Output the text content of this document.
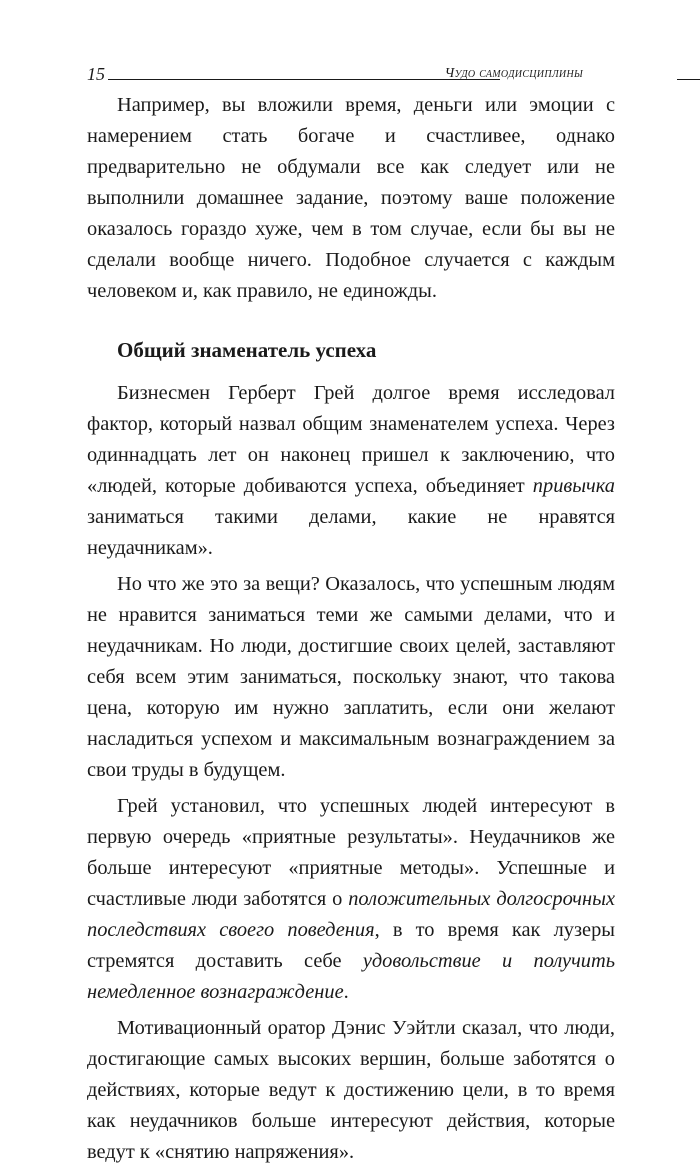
15	Чудо самодисциплины

Например, вы вложили время, деньги или эмоции с намерением стать богаче и счастливее, однако предварительно не обдумали все как следует или не выполнили домашнее задание, поэтому ваше положение оказалось гораздо хуже, чем в том случае, если бы вы не сделали вообще ничего. Подобное случается с каждым человеком и, как правило, не единожды.

Общий знаменатель успеха

Бизнесмен Герберт Грей долгое время исследовал фактор, который назвал общим знаменателем успеха. Через одиннадцать лет он наконец пришел к заключению, что «людей, которые добиваются успеха, объединяет привычка заниматься такими делами, какие не нравятся неудачникам».

Но что же это за вещи? Оказалось, что успешным людям не нравится заниматься теми же самыми делами, что и неудачникам. Но люди, достигшие своих целей, заставляют себя всем этим заниматься, поскольку знают, что такова цена, которую им нужно заплатить, если они желают насладиться успехом и максимальным вознаграждением за свои труды в будущем.

Грей установил, что успешных людей интересуют в первую очередь «приятные результаты». Неудачников же больше интересуют «приятные методы». Успешные и счастливые люди заботятся о положительных долгосрочных последствиях своего поведения, в то время как лузеры стремятся доставить себе удовольствие и получить немедленное вознаграждение.

Мотивационный оратор Дэнис Уэйтли сказал, что люди, достигающие самых высоких вершин, больше заботятся о действиях, которые ведут к достижению цели, в то время как неудачников больше интересуют действия, которые ведут к «снятию напряжения».
